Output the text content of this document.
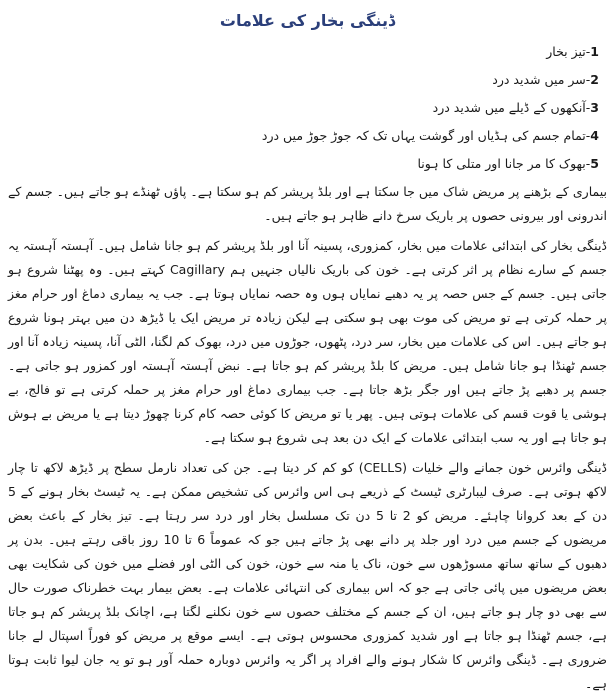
ڈینگی بخار کی علامات
1-تیز بخار
2-سر میں شدید درد
3-آنکھوں کے ڈیلے میں شدید درد
4-تمام جسم کی ہڈیاں اور گوشت یہاں تک کہ جوڑ جوڑ میں درد
5-بھوک کا مر جانا اور متلی کا ہونا

بیماری کے بڑھنے پر مریض شاک میں جا سکتا ہے اور بلڈ پریشر کم ہو سکتا ہے۔ پاؤں ٹھنڈے ہو جاتے ہیں۔ جسم کے اندرونی اور بیرونی حصوں پر باریک سرخ دانے ظاہر ہو جاتے ہیں۔

ڈینگی بخار کی ابتدائی علامات میں بخار، کمزوری، پسینہ آنا اور بلڈ پریشر کم ہو جانا شامل ہیں۔ آہستہ آہستہ یہ جسم کے سارے نظام پر اثر کرتی ہے۔ خون کی باریک نالیاں جنہیں ہم Cagillary کہتے ہیں۔ وہ پھٹنا شروع ہو جاتی ہیں۔ جسم کے جس حصہ پر یہ دھبے نمایاں ہوں وہ حصہ نمایاں ہوتا ہے۔ جب یہ بیماری دماغ اور حرام مغز پر حملہ کرتی ہے تو مریض کی موت بھی ہو سکتی ہے لیکن زیادہ تر مریض ایک یا ڈیڑھ دن میں بہتر ہونا شروع ہو جاتے ہیں۔ اس کی علامات میں بخار، سر درد، پٹھوں، جوڑوں میں درد، بھوک کم لگنا، الٹی آنا، پسینہ زیادہ آنا اور جسم ٹھنڈا ہو جانا شامل ہیں۔ مریض کا بلڈ پریشر کم ہو جاتا ہے۔ نبض آہستہ آہستہ اور کمزور ہو جاتی ہے۔ جسم پر دھبے پڑ جاتے ہیں اور جگر بڑھ جاتا ہے۔ جب بیماری دماغ اور حرام مغز پر حملہ کرتی ہے تو فالج، بے ہوشی یا قوت قسم کی علامات ہوتی ہیں۔ پھر یا تو مریض کا کوئی حصہ کام کرنا چھوڑ دیتا ہے یا مریض بے ہوش ہو جاتا ہے اور یہ سب ابتدائی علامات کے ایک دن بعد ہی شروع ہو سکتا ہے۔

ڈینگی وائرس خون جمانے والے خلیات (CELLS) کو کم کر دیتا ہے۔ جن کی تعداد نارمل سطح پر ڈیڑھ لاکھ تا چار لاکھ ہوتی ہے۔ صرف لیبارٹری ٹیسٹ کے ذریعے ہی اس وائرس کی تشخیص ممکن ہے۔ یہ ٹیسٹ بخار ہونے کے 5 دن کے بعد کروانا چاہئے۔ مریض کو 2 تا 5 دن تک مسلسل بخار اور درد سر رہتا ہے۔ تیز بخار کے باعث بعض مریضوں کے جسم میں درد اور جلد پر دانے بھی پڑ جاتے ہیں جو کہ عموماً 6 تا 10 روز باقی رہتے ہیں۔ بدن پر دھبوں کے ساتھ ساتھ مسوڑھوں سے خون، ناک یا منہ سے خون، خون کی الٹی اور فضلے میں خون کی شکایت بھی بعض مریضوں میں پائی جاتی ہے جو کہ اس بیماری کی انتہائی علامات ہے۔ بعض بیمار بہت خطرناک صورت حال سے بھی دو چار ہو جاتے ہیں، ان کے جسم کے مختلف حصوں سے خون نکلنے لگتا ہے، اچانک بلڈ پریشر کم ہو جاتا ہے، جسم ٹھنڈا ہو جاتا ہے اور شدید کمزوری محسوس ہوتی ہے۔ ایسے موقع پر مریض کو فوراً اسپتال لے جانا ضروری ہے۔ ڈینگی وائرس کا شکار ہونے والے افراد پر اگر یہ وائرس دوبارہ حملہ آور ہو تو یہ جان لیوا ثابت ہوتا ہے۔
